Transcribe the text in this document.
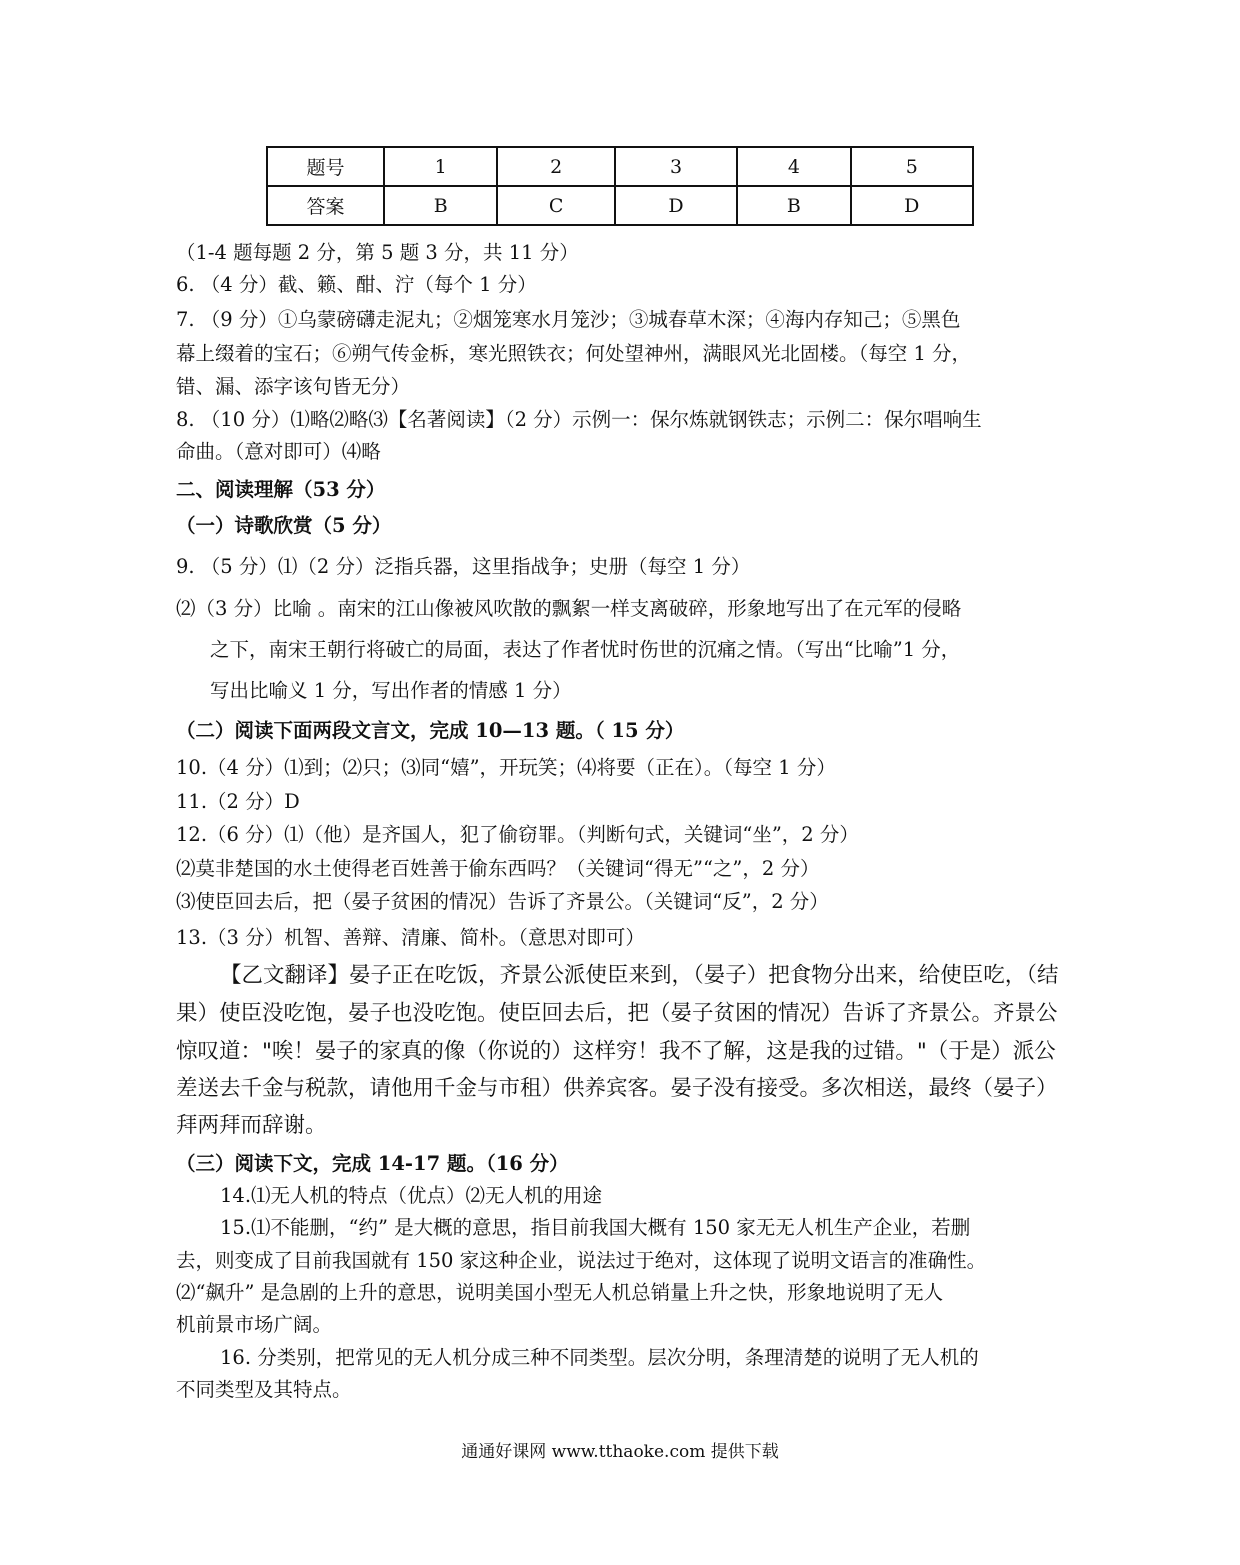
题号	1	2	3	4	5
答案	B	C	D	B	D
（1-4 题每题 2 分，第 5 题 3 分，共 11 分）
6. （4 分）截、籁、酣、泞（每个 1 分）
7. （9 分）①乌蒙磅礴走泥丸；②烟笼寒水月笼沙；③城春草木深；④海内存知己；⑤黑色
幕上缀着的宝石；⑥朔气传金柝，寒光照铁衣；何处望神州，满眼风光北固楼。（每空 1 分，
错、漏、添字该句皆无分）
8. （10 分）⑴略⑵略⑶【名著阅读】（2 分）示例一：保尔炼就钢铁志；示例二：保尔唱响生
命曲。（意对即可）⑷略
二、阅读理解（53 分）
（一）诗歌欣赏（5 分）
9. （5 分）⑴（2 分）泛指兵器，这里指战争；史册（每空 1 分）
⑵（3 分）比喻 。南宋的江山像被风吹散的飘絮一样支离破碎，形象地写出了在元军的侵略
之下，南宋王朝行将破亡的局面，表达了作者忧时伤世的沉痛之情。（写出“比喻”1 分，
写出比喻义 1 分，写出作者的情感 1 分）
（二）阅读下面两段文言文，完成 10—13 题。（ 15 分）
10.（4 分）⑴到；⑵只；⑶同“嬉”，开玩笑；⑷将要（正在）。（每空 1 分）
11.（2 分）D
12.（6 分）⑴（他）是齐国人，犯了偷窃罪。（判断句式，关键词“坐”，2 分）
⑵莫非楚国的水土使得老百姓善于偷东西吗？（关键词“得无”“之”，2 分）
⑶使臣回去后，把（晏子贫困的情况）告诉了齐景公。（关键词“反”，2 分）
13.（3 分）机智、善辩、清廉、简朴。（意思对即可）
【乙文翻译】晏子正在吃饭，齐景公派使臣来到，（晏子）把食物分出来，给使臣吃，（结
果）使臣没吃饱，晏子也没吃饱。使臣回去后，把（晏子贫困的情况）告诉了齐景公。齐景公
惊叹道："唉！晏子的家真的像（你说的）这样穷！我不了解，这是我的过错。"（于是）派公
差送去千金与税款，请他用千金与市租）供养宾客。晏子没有接受。多次相送，最终（晏子）
拜两拜而辞谢。
（三）阅读下文，完成 14-17 题。（16 分）
14.⑴无人机的特点（优点）⑵无人机的用途
15.⑴不能删，“约” 是大概的意思，指目前我国大概有 150 家无无人机生产企业，若删
去，则变成了目前我国就有 150 家这种企业，说法过于绝对，这体现了说明文语言的准确性。
⑵“飙升” 是急剧的上升的意思，说明美国小型无人机总销量上升之快，形象地说明了无人
机前景市场广阔。
16. 分类别，把常见的无人机分成三种不同类型。层次分明，条理清楚的说明了无人机的
不同类型及其特点。
通通好课网 www.tthaoke.com 提供下载
